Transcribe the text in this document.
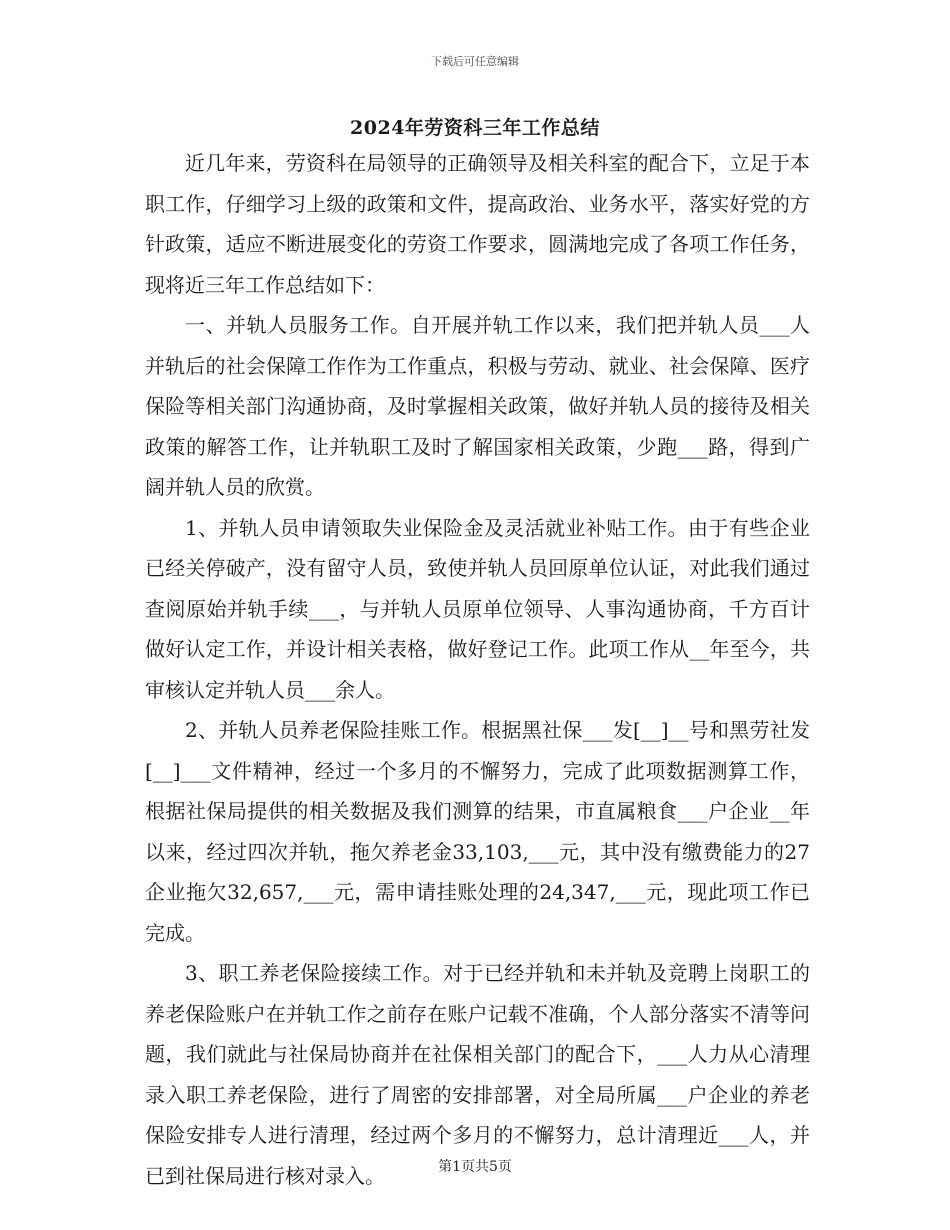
下载后可任意编辑
2024年劳资科三年工作总结

近几年来，劳资科在局领导的正确领导及相关科室的配合下，立足于本职工作，仔细学习上级的政策和文件，提高政治、业务水平，落实好党的方针政策，适应不断进展变化的劳资工作要求，圆满地完成了各项工作任务，现将近三年工作总结如下：

一、并轨人员服务工作。自开展并轨工作以来，我们把并轨人员___人并轨后的社会保障工作作为工作重点，积极与劳动、就业、社会保障、医疗保险等相关部门沟通协商，及时掌握相关政策，做好并轨人员的接待及相关政策的解答工作，让并轨职工及时了解国家相关政策，少跑___路，得到广阔并轨人员的欣赏。

1、并轨人员申请领取失业保险金及灵活就业补贴工作。由于有些企业已经关停破产，没有留守人员，致使并轨人员回原单位认证，对此我们通过查阅原始并轨手续___，与并轨人员原单位领导、人事沟通协商，千方百计做好认定工作，并设计相关表格，做好登记工作。此项工作从__年至今，共审核认定并轨人员___余人。

2、并轨人员养老保险挂账工作。根据黑社保___发[__]__号和黑劳社发[__]___文件精神，经过一个多月的不懈努力，完成了此项数据测算工作，根据社保局提供的相关数据及我们测算的结果，市直属粮食___户企业__年以来，经过四次并轨，拖欠养老金33,103,___元，其中没有缴费能力的27企业拖欠32,657,___元，需申请挂账处理的24,347,___元，现此项工作已完成。

3、职工养老保险接续工作。对于已经并轨和未并轨及竞聘上岗职工的养老保险账户在并轨工作之前存在账户记载不准确，个人部分落实不清等问题，我们就此与社保局协商并在社保相关部门的配合下，___人力从心清理录入职工养老保险，进行了周密的安排部署，对全局所属___户企业的养老保险安排专人进行清理，经过两个多月的不懈努力，总计清理近___人，并已到社保局进行核对录入。	第1页共5页
